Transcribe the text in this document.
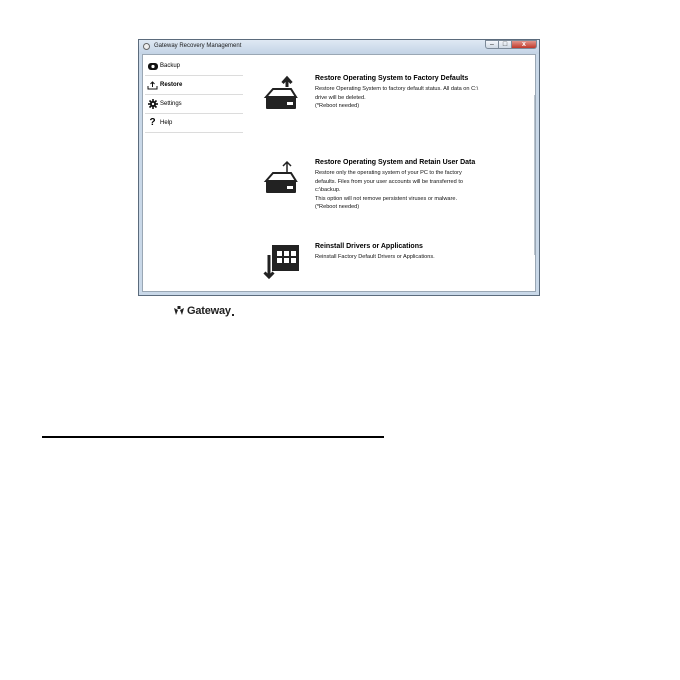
Gateway Recovery Management	–	□	x
Backup
Restore
Settings
? Help
Gateway
Restore Operating System to Factory Defaults
Restore Operating System to factory default status. All data on C:\
drive will be deleted.
(*Reboot needed)
Restore Operating System and Retain User Data
Restore only the operating system of your PC to the factory
defaults. Files from your user accounts will be transferred to
c:\backup.
This option will not remove persistent viruses or malware.
(*Reboot needed)
Reinstall Drivers or Applications
Reinstall Factory Default Drivers or Applications.
